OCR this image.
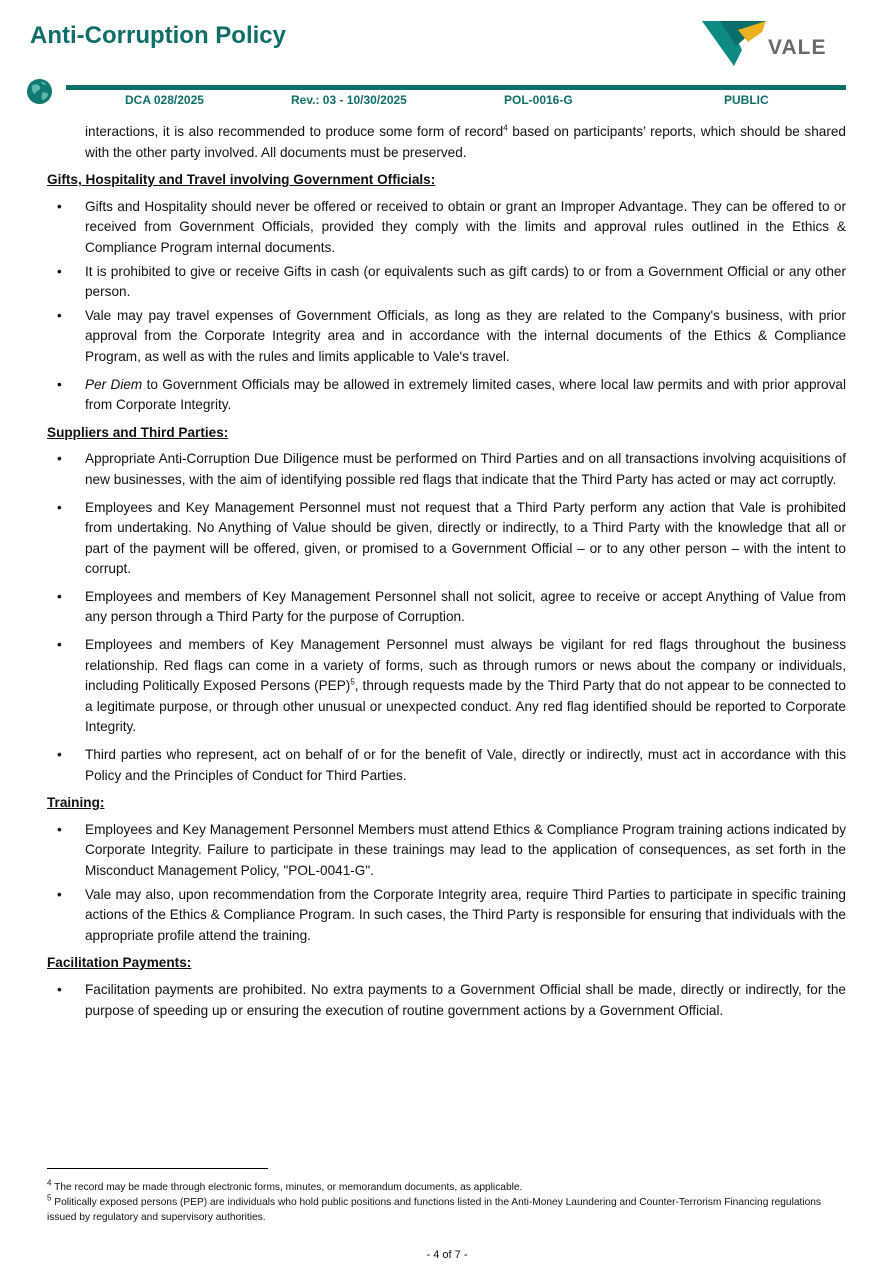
Anti-Corruption Policy	VALE
DCA 028/2025	Rev.: 03 - 10/30/2025	POL-0016-G	PUBLIC

interactions, it is also recommended to produce some form of record$^4$ based on participants’ reports, which should be shared with the other party involved. All documents must be preserved.

Gifts, Hospitality and Travel involving Government Officials:

• Gifts and Hospitality should never be offered or received to obtain or grant an Improper Advantage. They can be offered to or received from Government Officials, provided they comply with the limits and approval rules outlined in the Ethics & Compliance Program internal documents.
• It is prohibited to give or receive Gifts in cash (or equivalents such as gift cards) to or from a Government Official or any other person.
• Vale may pay travel expenses of Government Officials, as long as they are related to the Company's business, with prior approval from the Corporate Integrity area and in accordance with the internal documents of the Ethics & Compliance Program, as well as with the rules and limits applicable to Vale's travel.
• Per Diem to Government Officials may be allowed in extremely limited cases, where local law permits and with prior approval from Corporate Integrity.

Suppliers and Third Parties:

• Appropriate Anti-Corruption Due Diligence must be performed on Third Parties and on all transactions involving acquisitions of new businesses, with the aim of identifying possible red flags that indicate that the Third Party has acted or may act corruptly.
• Employees and Key Management Personnel must not request that a Third Party perform any action that Vale is prohibited from undertaking. No Anything of Value should be given, directly or indirectly, to a Third Party with the knowledge that all or part of the payment will be offered, given, or promised to a Government Official – or to any other person – with the intent to corrupt.
• Employees and members of Key Management Personnel shall not solicit, agree to receive or accept Anything of Value from any person through a Third Party for the purpose of Corruption.
• Employees and members of Key Management Personnel must always be vigilant for red flags throughout the business relationship. Red flags can come in a variety of forms, such as through rumors or news about the company or individuals, including Politically Exposed Persons (PEP)$^5$, through requests made by the Third Party that do not appear to be connected to a legitimate purpose, or through other unusual or unexpected conduct. Any red flag identified should be reported to Corporate Integrity.
• Third parties who represent, act on behalf of or for the benefit of Vale, directly or indirectly, must act in accordance with this Policy and the Principles of Conduct for Third Parties.

Training:

• Employees and Key Management Personnel Members must attend Ethics & Compliance Program training actions indicated by Corporate Integrity. Failure to participate in these trainings may lead to the application of consequences, as set forth in the Misconduct Management Policy, "POL-0041-G".
• Vale may also, upon recommendation from the Corporate Integrity area, require Third Parties to participate in specific training actions of the Ethics & Compliance Program. In such cases, the Third Party is responsible for ensuring that individuals with the appropriate profile attend the training.

Facilitation Payments:

• Facilitation payments are prohibited. No extra payments to a Government Official shall be made, directly or indirectly, for the purpose of speeding up or ensuring the execution of routine government actions by a Government Official.

$^4$ The record may be made through electronic forms, minutes, or memorandum documents, as applicable.

$^5$ Politically exposed persons (PEP) are individuals who hold public positions and functions listed in the Anti-Money Laundering and Counter-Terrorism Financing regulations issued by regulatory and supervisory authorities.

- 4 of 7 -
